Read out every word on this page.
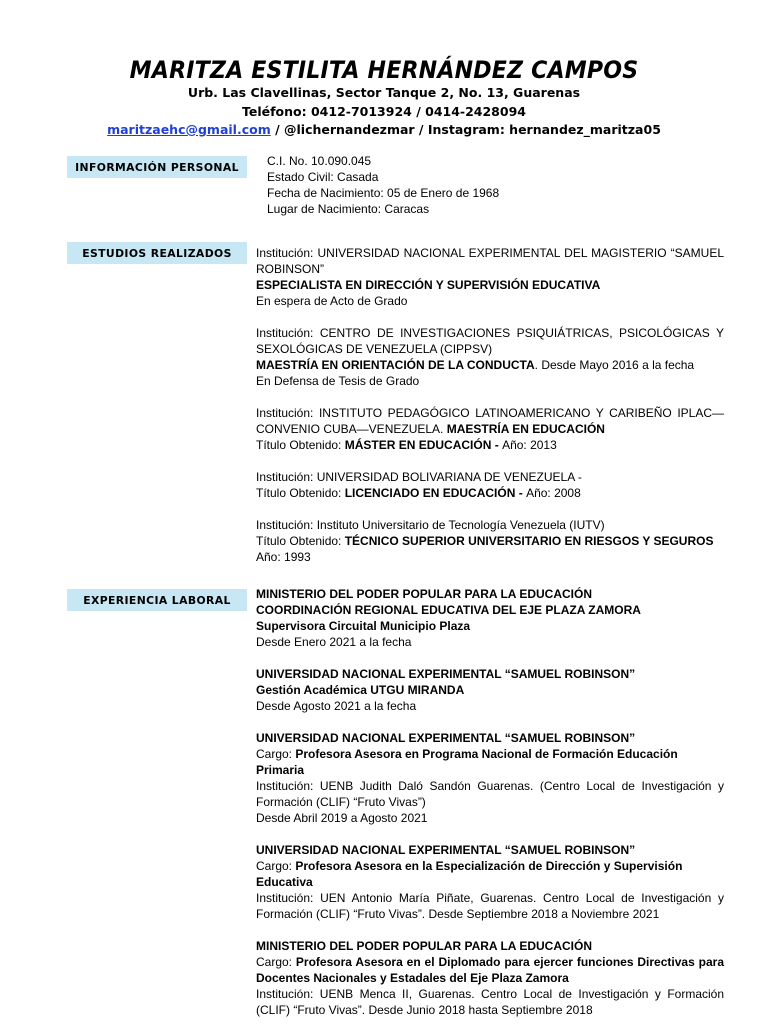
MARITZA ESTILITA HERNÁNDEZ CAMPOS
Urb. Las Clavellinas, Sector Tanque 2, No. 13, Guarenas
Teléfono: 0412-7013924 / 0414-2428094
maritzaehc@gmail.com / @lichernandezmar / Instagram: hernandez_maritza05
INFORMACIÓN PERSONAL	C.I. No. 10.090.045
Estado Civil: Casada
Fecha de Nacimiento: 05 de Enero de 1968
Lugar de Nacimiento: Caracas
ESTUDIOS REALIZADOS	Institución: UNIVERSIDAD NACIONAL EXPERIMENTAL DEL MAGISTERIO “SAMUEL ROBINSON”
ESPECIALISTA EN DIRECCIÓN Y SUPERVISIÓN EDUCATIVA
En espera de Acto de Grado
Institución: CENTRO DE INVESTIGACIONES PSIQUIÁTRICAS, PSICOLÓGICAS Y SEXOLÓGICAS DE VENEZUELA (CIPPSV)
MAESTRÍA EN ORIENTACIÓN DE LA CONDUCTA. Desde Mayo 2016 a la fecha
En Defensa de Tesis de Grado
Institución: INSTITUTO PEDAGÓGICO LATINOAMERICANO Y CARIBEÑO IPLAC—CONVENIO CUBA—VENEZUELA. MAESTRÍA EN EDUCACIÓN
Título Obtenido: MÁSTER EN EDUCACIÓN - Año: 2013
Institución: UNIVERSIDAD BOLIVARIANA DE VENEZUELA -
Título Obtenido: LICENCIADO EN EDUCACIÓN - Año: 2008
Institución: Instituto Universitario de Tecnología Venezuela (IUTV)
Título Obtenido: TÉCNICO SUPERIOR UNIVERSITARIO EN RIESGOS Y SEGUROS
Año: 1993
EXPERIENCIA LABORAL	MINISTERIO DEL PODER POPULAR PARA LA EDUCACIÓN
COORDINACIÓN REGIONAL EDUCATIVA DEL EJE PLAZA ZAMORA
Supervisora Circuital Municipio Plaza
Desde Enero 2021 a la fecha
UNIVERSIDAD NACIONAL EXPERIMENTAL “SAMUEL ROBINSON”
Gestión Académica UTGU MIRANDA
Desde Agosto 2021 a la fecha
UNIVERSIDAD NACIONAL EXPERIMENTAL “SAMUEL ROBINSON”
Cargo: Profesora Asesora en Programa Nacional de Formación Educación Primaria
Institución: UENB Judith Daló Sandón Guarenas. (Centro Local de Investigación y Formación (CLIF) “Fruto Vivas”)
Desde Abril 2019 a Agosto 2021
UNIVERSIDAD NACIONAL EXPERIMENTAL “SAMUEL ROBINSON”
Cargo: Profesora Asesora en la Especialización de Dirección y Supervisión Educativa
Institución: UEN Antonio María Piñate, Guarenas. Centro Local de Investigación y Formación (CLIF) “Fruto Vivas”. Desde Septiembre 2018 a Noviembre 2021
MINISTERIO DEL PODER POPULAR PARA LA EDUCACIÓN
Cargo: Profesora Asesora en el Diplomado para ejercer funciones Directivas para Docentes Nacionales y Estadales del Eje Plaza Zamora
Institución: UENB Menca II, Guarenas. Centro Local de Investigación y Formación (CLIF) “Fruto Vivas”. Desde Junio 2018 hasta Septiembre 2018
